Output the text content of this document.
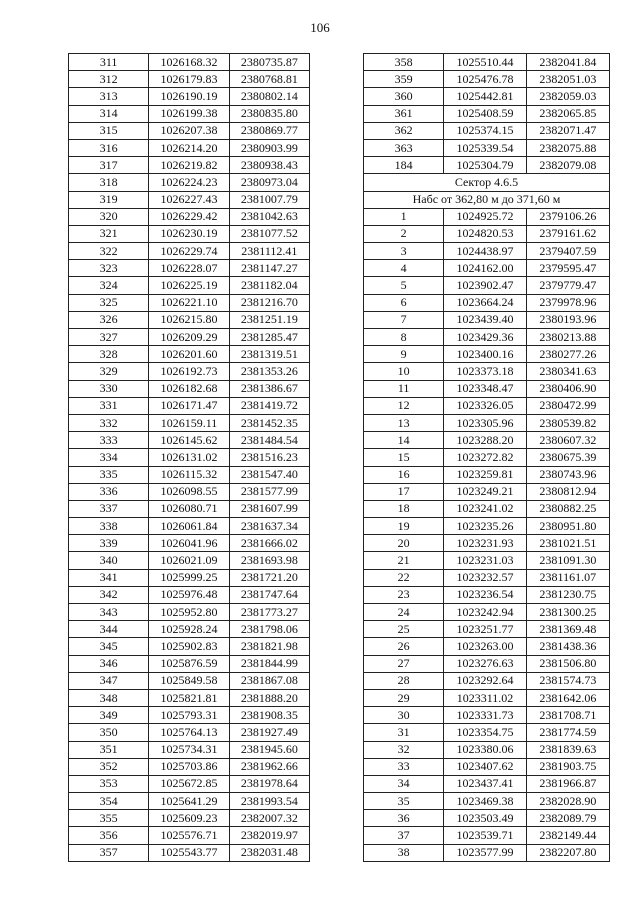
106
311	1026168.32	2380735.87
312	1026179.83	2380768.81
313	1026190.19	2380802.14
314	1026199.38	2380835.80
315	1026207.38	2380869.77
316	1026214.20	2380903.99
317	1026219.82	2380938.43
318	1026224.23	2380973.04
319	1026227.43	2381007.79
320	1026229.42	2381042.63
321	1026230.19	2381077.52
322	1026229.74	2381112.41
323	1026228.07	2381147.27
324	1026225.19	2381182.04
325	1026221.10	2381216.70
326	1026215.80	2381251.19
327	1026209.29	2381285.47
328	1026201.60	2381319.51
329	1026192.73	2381353.26
330	1026182.68	2381386.67
331	1026171.47	2381419.72
332	1026159.11	2381452.35
333	1026145.62	2381484.54
334	1026131.02	2381516.23
335	1026115.32	2381547.40
336	1026098.55	2381577.99
337	1026080.71	2381607.99
338	1026061.84	2381637.34
339	1026041.96	2381666.02
340	1026021.09	2381693.98
341	1025999.25	2381721.20
342	1025976.48	2381747.64
343	1025952.80	2381773.27
344	1025928.24	2381798.06
345	1025902.83	2381821.98
346	1025876.59	2381844.99
347	1025849.58	2381867.08
348	1025821.81	2381888.20
349	1025793.31	2381908.35
350	1025764.13	2381927.49
351	1025734.31	2381945.60
352	1025703.86	2381962.66
353	1025672.85	2381978.64
354	1025641.29	2381993.54
355	1025609.23	2382007.32
356	1025576.71	2382019.97
357	1025543.77	2382031.48
358	1025510.44	2382041.84
359	1025476.78	2382051.03
360	1025442.81	2382059.03
361	1025408.59	2382065.85
362	1025374.15	2382071.47
363	1025339.54	2382075.88
184	1025304.79	2382079.08
Сектор 4.6.5		
Набс от 362,80 м до 371,60 м		
1	1024925.72	2379106.26
2	1024820.53	2379161.62
3	1024438.97	2379407.59
4	1024162.00	2379595.47
5	1023902.47	2379779.47
6	1023664.24	2379978.96
7	1023439.40	2380193.96
8	1023429.36	2380213.88
9	1023400.16	2380277.26
10	1023373.18	2380341.63
11	1023348.47	2380406.90
12	1023326.05	2380472.99
13	1023305.96	2380539.82
14	1023288.20	2380607.32
15	1023272.82	2380675.39
16	1023259.81	2380743.96
17	1023249.21	2380812.94
18	1023241.02	2380882.25
19	1023235.26	2380951.80
20	1023231.93	2381021.51
21	1023231.03	2381091.30
22	1023232.57	2381161.07
23	1023236.54	2381230.75
24	1023242.94	2381300.25
25	1023251.77	2381369.48
26	1023263.00	2381438.36
27	1023276.63	2381506.80
28	1023292.64	2381574.73
29	1023311.02	2381642.06
30	1023331.73	2381708.71
31	1023354.75	2381774.59
32	1023380.06	2381839.63
33	1023407.62	2381903.75
34	1023437.41	2381966.87
35	1023469.38	2382028.90
36	1023503.49	2382089.79
37	1023539.71	2382149.44
38	1023577.99	2382207.80
